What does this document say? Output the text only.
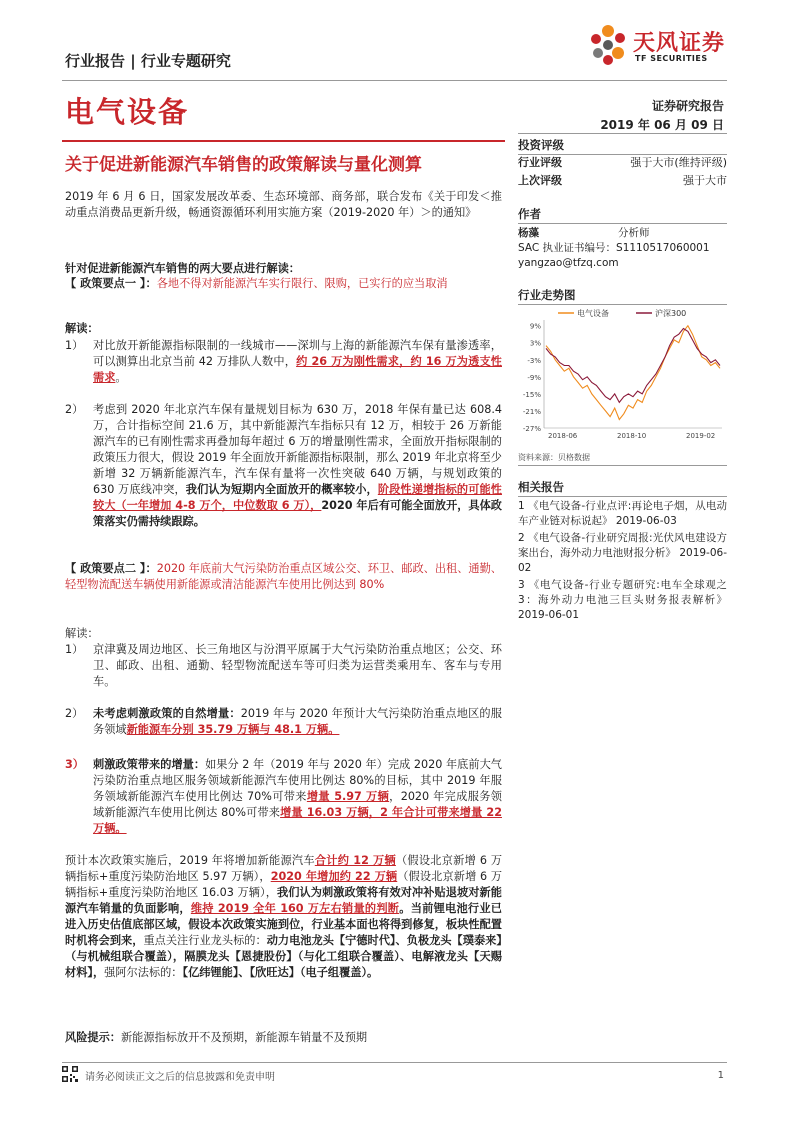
行业报告 | 行业专题研究
天风证券
TF SECURITIES
电气设备	证券研究报告
2019 年 06 月 09 日
关于促进新能源汽车销售的政策解读与量化测算
2019 年 6 月 6 日，国家发展改革委、生态环境部、商务部，联合发布《关于印发＜推动重点消费品更新升级，畅通资源循环利用实施方案（2019-2020 年）＞的通知》
针对促进新能源汽车销售的两大要点进行解读：
【 政策要点一 】：各地不得对新能源汽车实行限行、限购，已实行的应当取消
解读：
1） 对比放开新能源指标限制的一线城市——深圳与上海的新能源汽车保有量渗透率，可以测算出北京当前 42 万排队人数中，约 26 万为刚性需求，约 16 万为透支性需求。
2） 考虑到 2020 年北京汽车保有量规划目标为 630 万，2018 年保有量已达 608.4 万，合计指标空间 21.6 万，其中新能源汽车指标只有 12 万，相较于 26 万新能源汽车的已有刚性需求再叠加每年超过 6 万的增量刚性需求，全面放开指标限制的政策压力很大，假设 2019 年全面放开新能源指标限制，那么 2019 年北京将至少新增 32 万辆新能源汽车，汽车保有量将一次性突破 640 万辆，与规划政策的 630 万底线冲突，我们认为短期内全面放开的概率较小，阶段性递增指标的可能性较大（一年增加 4-8 万个，中位数取 6 万），2020 年后有可能全面放开，具体政策落实仍需持续跟踪。
【 政策要点二 】：2020 年底前大气污染防治重点区域公交、环卫、邮政、出租、通勤、轻型物流配送车辆使用新能源或清洁能源汽车使用比例达到 80%
解读：
1） 京津冀及周边地区、长三角地区与汾渭平原属于大气污染防治重点地区；公交、环卫、邮政、出租、通勤、轻型物流配送车等可归类为运营类乘用车、客车与专用车。
2） 未考虑刺激政策的自然增量：2019 年与 2020 年预计大气污染防治重点地区的服务领域新能源车分别 35.79 万辆与 48.1 万辆。
3） 刺激政策带来的增量：如果分 2 年（2019 年与 2020 年）完成 2020 年底前大气污染防治重点地区服务领域新能源汽车使用比例达 80%的目标，其中 2019 年服务领域新能源汽车使用比例达 70%可带来增量 5.97 万辆，2020 年完成服务领域新能源汽车使用比例达 80%可带来增量 16.03 万辆，2 年合计可带来增量 22 万辆。
预计本次政策实施后，2019 年将增加新能源汽车合计约 12 万辆（假设北京新增 6 万辆指标+重度污染防治地区 5.97 万辆），2020 年增加约 22 万辆（假设北京新增 6 万辆指标+重度污染防治地区 16.03 万辆），我们认为刺激政策将有效对冲补贴退坡对新能源汽车销量的负面影响，维持 2019 全年 160 万左右销量的判断。当前锂电池行业已进入历史估值底部区域，假设本次政策实施到位，行业基本面也将得到修复，板块性配置时机将会到来，重点关注行业龙头标的：动力电池龙头【宁德时代】、负极龙头【璞泰来】（与机械组联合覆盖），隔膜龙头【恩捷股份】（与化工组联合覆盖）、电解液龙头【天赐材料】，强阿尔法标的：【亿纬锂能】、【欣旺达】（电子组覆盖）。
风险提示：新能源指标放开不及预期，新能源车销量不及预期
投资评级
行业评级	强于大市(维持评级)
上次评级	强于大市
作者
杨藻	分析师
SAC 执业证书编号：S1110517060001
yangzao@tfzq.com
行业走势图
电气设备	沪深300
9%
3%
-3%
-9%
-15%
-21%
-27%
2018-06	2018-10	2019-02
资料来源：贝格数据
相关报告
1 《电气设备-行业点评:再论电子烟，从电动车产业链对标说起》 2019-06-03
2 《电气设备-行业研究周报:光伏风电建设方案出台，海外动力电池财报分析》 2019-06-02
3 《电气设备-行业专题研究:电车全球观之 3：海外动力电池三巨头财务报表解析》 2019-06-01
请务必阅读正文之后的信息披露和免责申明	1
